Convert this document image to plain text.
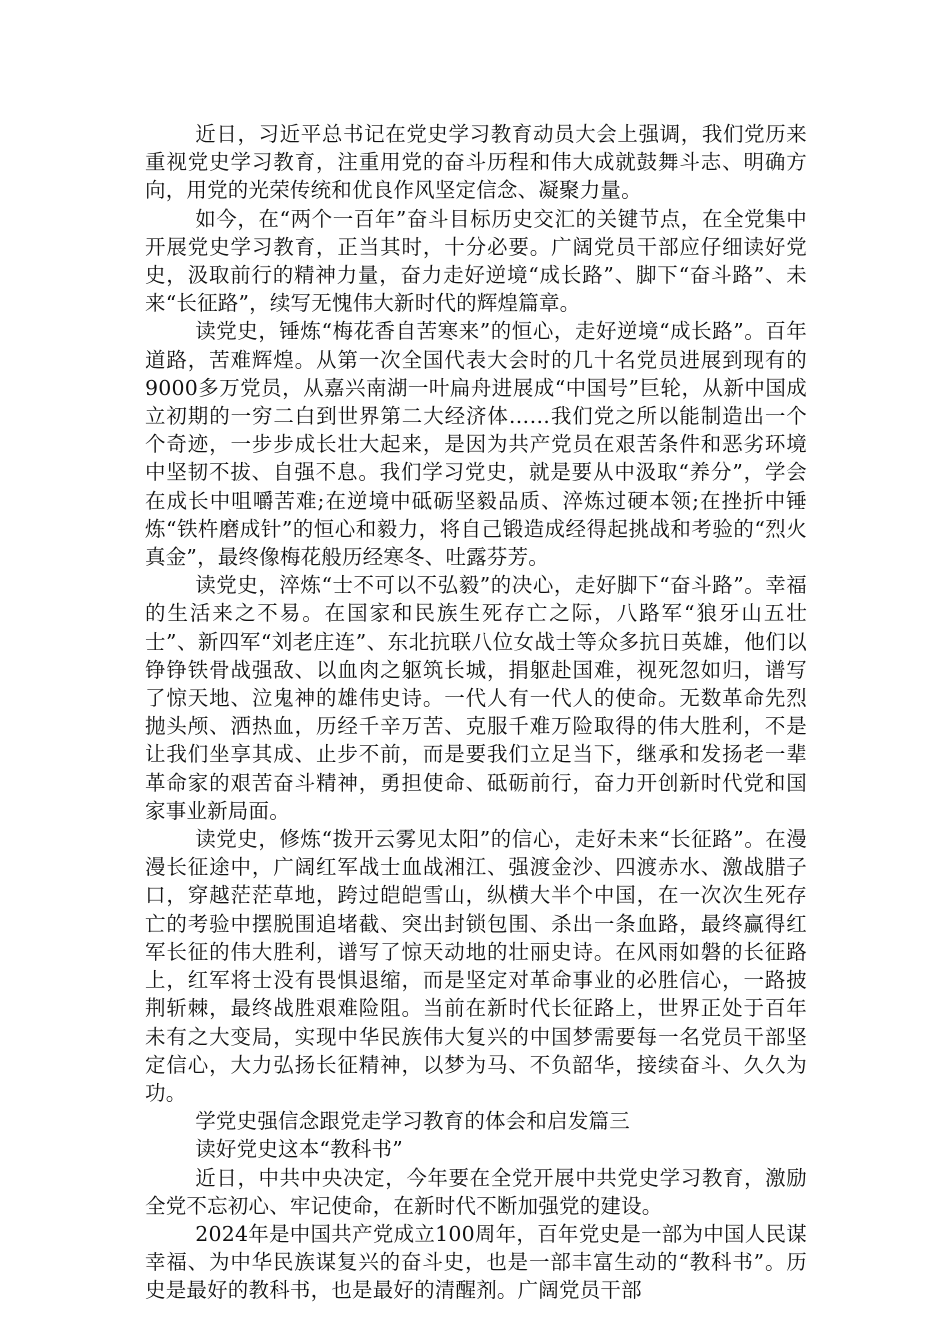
近日，习近平总书记在党史学习教育动员大会上强调，我们党历来重视党史学习教育，注重用党的奋斗历程和伟大成就鼓舞斗志、明确方向，用党的光荣传统和优良作风坚定信念、凝聚力量。

如今，在“两个一百年”奋斗目标历史交汇的关键节点，在全党集中开展党史学习教育，正当其时，十分必要。广阔党员干部应仔细读好党史，汲取前行的精神力量，奋力走好逆境“成长路”、脚下“奋斗路”、未来“长征路”，续写无愧伟大新时代的辉煌篇章。

读党史，锤炼“梅花香自苦寒来”的恒心，走好逆境“成长路”。百年道路，苦难辉煌。从第一次全国代表大会时的几十名党员进展到现有的9000多万党员，从嘉兴南湖一叶扁舟进展成“中国号”巨轮，从新中国成立初期的一穷二白到世界第二大经济体……我们党之所以能制造出一个个奇迹，一步步成长壮大起来，是因为共产党员在艰苦条件和恶劣环境中坚韧不拔、自强不息。我们学习党史，就是要从中汲取“养分”，学会在成长中咀嚼苦难;在逆境中砥砺坚毅品质、淬炼过硬本领;在挫折中锤炼“铁杵磨成针”的恒心和毅力，将自己锻造成经得起挑战和考验的“烈火真金”，最终像梅花般历经寒冬、吐露芬芳。

读党史，淬炼“士不可以不弘毅”的决心，走好脚下“奋斗路”。幸福的生活来之不易。在国家和民族生死存亡之际，八路军“狼牙山五壮士”、新四军“刘老庄连”、东北抗联八位女战士等众多抗日英雄，他们以铮铮铁骨战强敌、以血肉之躯筑长城，捐躯赴国难，视死忽如归，谱写了惊天地、泣鬼神的雄伟史诗。一代人有一代人的使命。无数革命先烈抛头颅、洒热血，历经千辛万苦、克服千难万险取得的伟大胜利，不是让我们坐享其成、止步不前，而是要我们立足当下，继承和发扬老一辈革命家的艰苦奋斗精神，勇担使命、砥砺前行，奋力开创新时代党和国家事业新局面。

读党史，修炼“拨开云雾见太阳”的信心，走好未来“长征路”。在漫漫长征途中，广阔红军战士血战湘江、强渡金沙、四渡赤水、激战腊子口，穿越茫茫草地，跨过皑皑雪山，纵横大半个中国，在一次次生死存亡的考验中摆脱围追堵截、突出封锁包围、杀出一条血路，最终赢得红军长征的伟大胜利，谱写了惊天动地的壮丽史诗。在风雨如磐的长征路上，红军将士没有畏惧退缩，而是坚定对革命事业的必胜信心，一路披荆斩棘，最终战胜艰难险阻。当前在新时代长征路上，世界正处于百年未有之大变局，实现中华民族伟大复兴的中国梦需要每一名党员干部坚定信心，大力弘扬长征精神，以梦为马、不负韶华，接续奋斗、久久为功。

学党史强信念跟党走学习教育的体会和启发篇三

读好党史这本“教科书”

近日，中共中央决定，今年要在全党开展中共党史学习教育，激励全党不忘初心、牢记使命，在新时代不断加强党的建设。

2024年是中国共产党成立100周年，百年党史是一部为中国人民谋幸福、为中华民族谋复兴的奋斗史，也是一部丰富生动的“教科书”。历史是最好的教科书，也是最好的清醒剂。广阔党员干部
